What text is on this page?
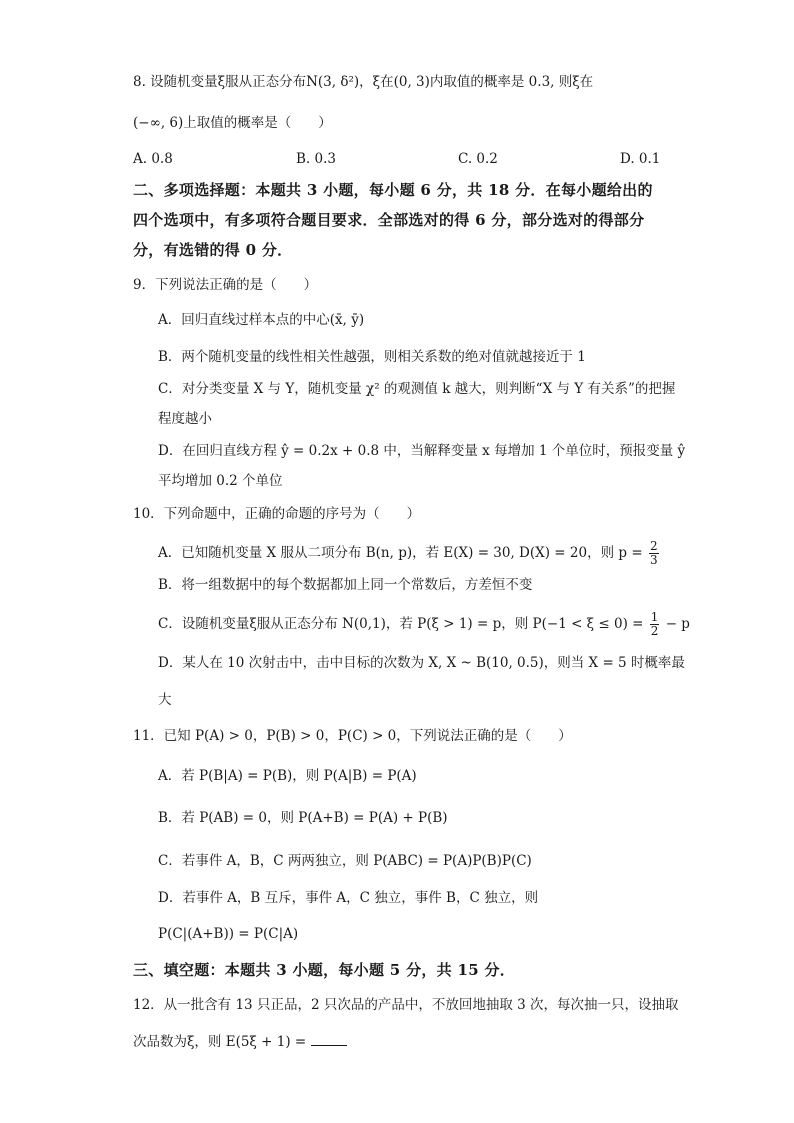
8. 设随机变量ξ服从正态分布N(3, δ²)，ξ在(0, 3)内取值的概率是 0.3, 则ξ在
(−∞, 6)上取值的概率是（　　）
A. 0.8	B. 0.3	C. 0.2	D. 0.1
二、多项选择题：本题共 3 小题，每小题 6 分，共 18 分．在每小题给出的
四个选项中，有多项符合题目要求．全部选对的得 6 分，部分选对的得部分
分，有选错的得 0 分．
9．下列说法正确的是（　　）
A．回归直线过样本点的中心(x̄, ȳ)
B．两个随机变量的线性相关性越强，则相关系数的绝对值就越接近于 1
C．对分类变量 X 与 Y，随机变量 χ² 的观测值 k 越大，则判断“X 与 Y 有关系”的把握
程度越小
D．在回归直线方程 ŷ = 0.2x + 0.8 中，当解释变量 x 每增加 1 个单位时，预报变量 ŷ
平均增加 0.2 个单位
10．下列命题中，正确的命题的序号为（　　）
A．已知随机变量 X 服从二项分布 B(n, p)，若 E(X) = 30, D(X) = 20，则 $p = \frac{2}{3}$
B．将一组数据中的每个数据都加上同一个常数后，方差恒不变
C．设随机变量ξ服从正态分布 N(0,1)，若 P(ξ > 1) = p，则 $P(-1 < \xi \le 0) = \frac{1}{2} - p$
D．某人在 10 次射击中，击中目标的次数为 X, X ~ B(10, 0.5)，则当 X = 5 时概率最
大
11．已知 P(A) > 0，P(B) > 0，P(C) > 0，下列说法正确的是（　　）
A．若 P(B|A) = P(B)，则 P(A|B) = P(A)
B．若 P(AB) = 0，则 P(A+B) = P(A) + P(B)
C．若事件 A，B，C 两两独立，则 P(ABC) = P(A)P(B)P(C)
D．若事件 A，B 互斥，事件 A，C 独立，事件 B，C 独立，则
P(C|(A+B)) = P(C|A)
三、填空题：本题共 3 小题，每小题 5 分，共 15 分．
12．从一批含有 13 只正品，2 只次品的产品中，不放回地抽取 3 次，每次抽一只，设抽取
次品数为ξ，则 E(5ξ + 1) =
